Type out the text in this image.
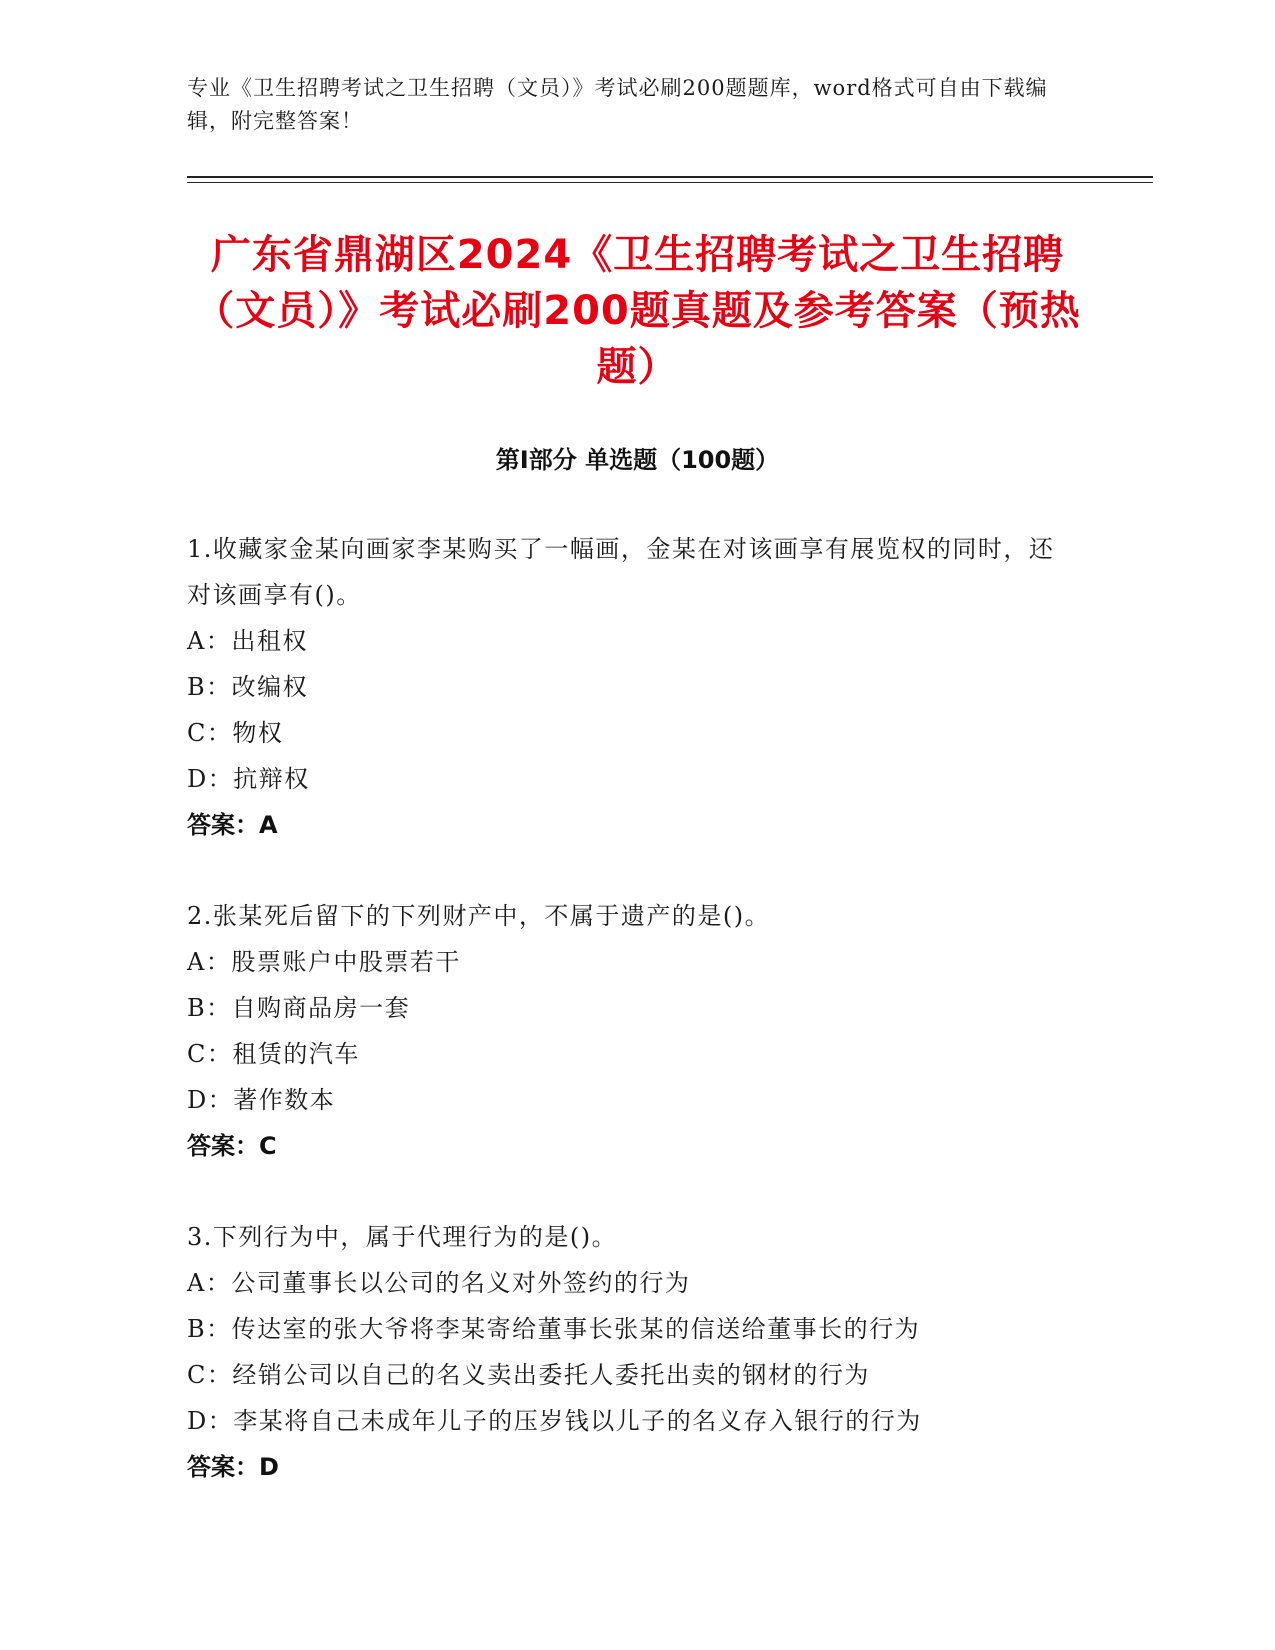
专业《卫生招聘考试之卫生招聘（文员）》考试必刷200题题库，word格式可自由下载编辑，附完整答案！
广东省鼎湖区2024《卫生招聘考试之卫生招聘（文员）》考试必刷200题真题及参考答案（预热题）
第Ⅰ部分 单选题（100题）
1.收藏家金某向画家李某购买了一幅画，金某在对该画享有展览权的同时，还对该画享有()。
A：出租权
B：改编权
C：物权
D：抗辩权
答案：A
2.张某死后留下的下列财产中，不属于遗产的是()。
A：股票账户中股票若干
B：自购商品房一套
C：租赁的汽车
D：著作数本
答案：C
3.下列行为中，属于代理行为的是()。
A：公司董事长以公司的名义对外签约的行为
B：传达室的张大爷将李某寄给董事长张某的信送给董事长的行为
C：经销公司以自己的名义卖出委托人委托出卖的钢材的行为
D：李某将自己未成年儿子的压岁钱以儿子的名义存入银行的行为
答案：D
